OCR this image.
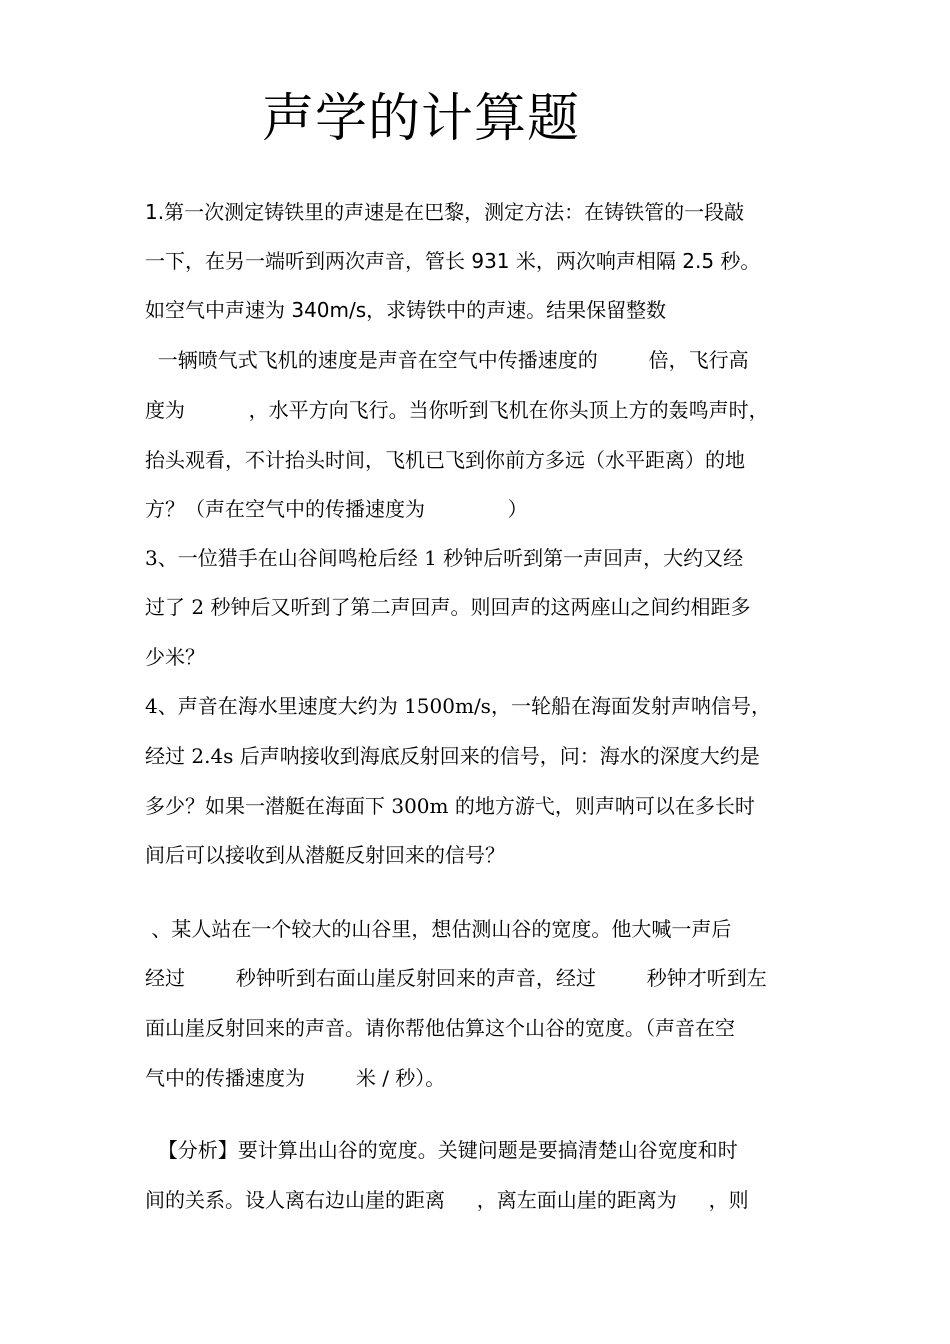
声学的计算题

1.第一次测定铸铁里的声速是在巴黎，测定方法：在铸铁管的一段敲

一下，在另一端听到两次声音，管长 931 米，两次响声相隔 2.5 秒。

如空气中声速为 340m/s，求铸铁中的声速。结果保留整数

一辆喷气式飞机的速度是声音在空气中传播速度的        倍，飞行高

度为          ，水平方向飞行。当你听到飞机在你头顶上方的轰鸣声时，

抬头观看，不计抬头时间，飞机已飞到你前方多远（水平距离）的地

方？（声在空气中的传播速度为             ）

3、一位猎手在山谷间鸣枪后经 1 秒钟后听到第一声回声，大约又经

过了 2 秒钟后又听到了第二声回声。则回声的这两座山之间约相距多

少米？

4、声音在海水里速度大约为 1500m/s，一轮船在海面发射声呐信号，

经过 2.4s 后声呐接收到海底反射回来的信号，问：海水的深度大约是

多少？如果一潜艇在海面下 300m 的地方游弋，则声呐可以在多长时

间后可以接收到从潜艇反射回来的信号？

、某人站在一个较大的山谷里，想估测山谷的宽度。他大喊一声后

经过        秒钟听到右面山崖反射回来的声音，经过        秒钟才听到左

面山崖反射回来的声音。请你帮他估算这个山谷的宽度。（声音在空

气中的传播速度为        米 / 秒）。

【分析】要计算出山谷的宽度。关键问题是要搞清楚山谷宽度和时

间的关系。设人离右边山崖的距离     ，离左面山崖的距离为     ，则
